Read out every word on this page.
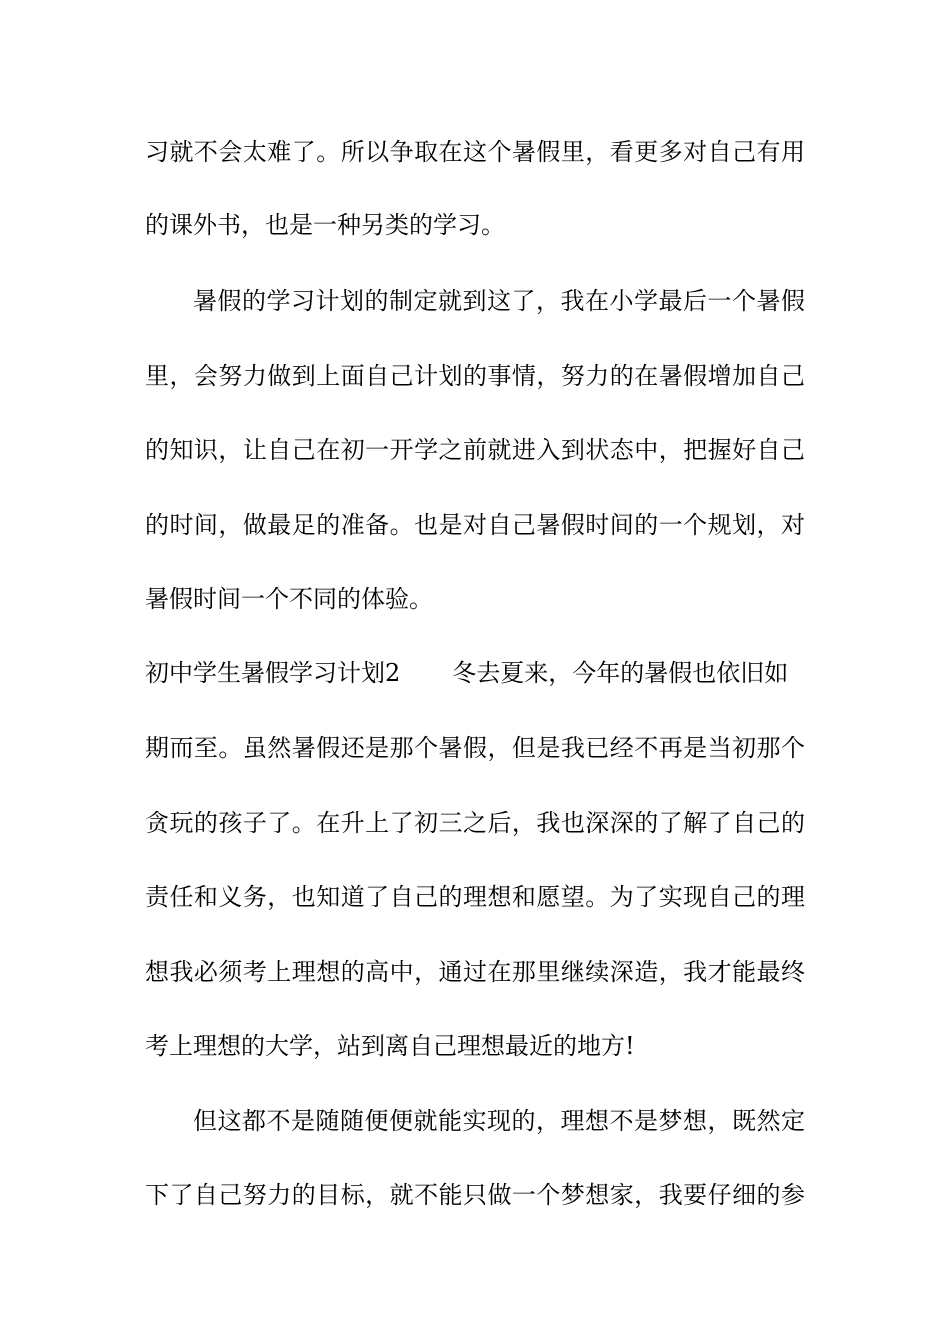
习就不会太难了。所以争取在这个暑假里，看更多对自己有用
的课外书，也是一种另类的学习。
暑假的学习计划的制定就到这了，我在小学最后一个暑假
里，会努力做到上面自己计划的事情，努力的在暑假增加自己
的知识，让自己在初一开学之前就进入到状态中，把握好自己
的时间，做最足的准备。也是对自己暑假时间的一个规划，对
暑假时间一个不同的体验。
初中学生暑假学习计划2 冬去夏来，今年的暑假也依旧如
期而至。虽然暑假还是那个暑假，但是我已经不再是当初那个
贪玩的孩子了。在升上了初三之后，我也深深的了解了自己的
责任和义务，也知道了自己的理想和愿望。为了实现自己的理
想我必须考上理想的高中，通过在那里继续深造，我才能最终
考上理想的大学，站到离自己理想最近的地方!
但这都不是随随便便就能实现的，理想不是梦想，既然定
下了自己努力的目标，就不能只做一个梦想家，我要仔细的参
